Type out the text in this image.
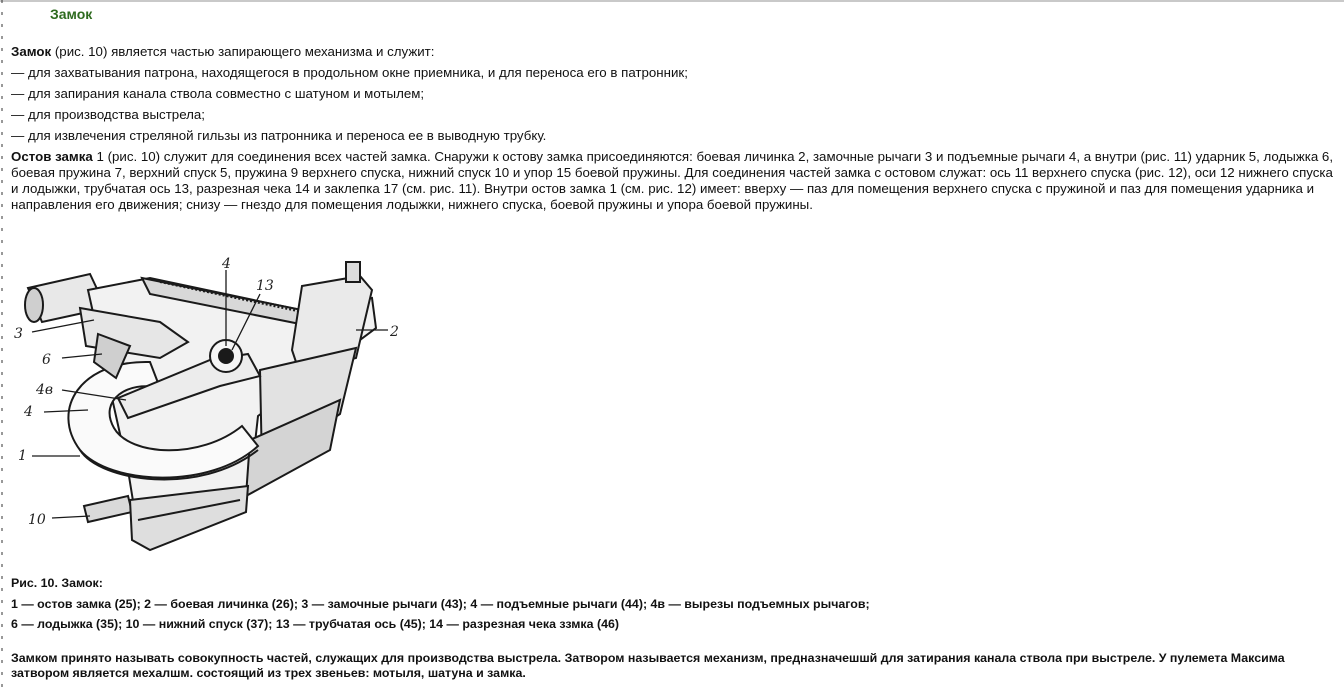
Замок
Замок (рис. 10) является частью запирающего механизма и служит:
— для захватывания патрона, находящегося в продольном окне приемника, и для переноса его в патронник;
— для запирания канала ствола совместно с шатуном и мотылем;
— для производства выстрела;
— для извлечения стреляной гильзы из патронника и переноса ее в выводную трубку.
Остов замка 1 (рис. 10) служит для соединения всех частей замка. Снаружи к остову замка присоединяются: боевая личинка 2, замочные рычаги 3 и подъемные рычаги 4, а внутри (рис. 11) ударник 5, лодыжка 6, боевая пружина 7, верхний спуск 5, пружина 9 верхнего спуска, нижний спуск 10 и упор 15 боевой пружины. Для соединения частей замка с остовом служат: ось 11 верхнего спуска (рис. 12), оси 12 нижнего спуска и лодыжки, трубчатая ось 13, разрезная чека 14 и заклепка 17 (см. рис. 11). Внутри остов замка 1 (см. рис. 12) имеет: вверху — паз для помещения верхнего спуска с пружиной и паз для помещения ударника и направления его движения; снизу — гнездо для помещения лодыжки, нижнего спуска, боевой пружины и упора боевой пружины.
4
13
3	2
6
4в
4
1
10
Рис. 10. Замок:
1 — остов замка (25); 2 — боевая личинка (26); 3 — замочные рычаги (43); 4 — подъемные рычаги (44); 4в — вырезы подъемных рычагов;
6 — лодыжка (35); 10 — нижний спуск (37); 13 — трубчатая ось (45); 14 — разрезная чека ззмка (46)
Замком принято называть совокупность частей, служащих для производства выстрела. Затвором называется механизм, предназначешшй для затирания канала ствола при выстреле. У пулемета Максима затвором является мехалшм. состоящий из трех звеньев: мотыля, шатуна и замка.
